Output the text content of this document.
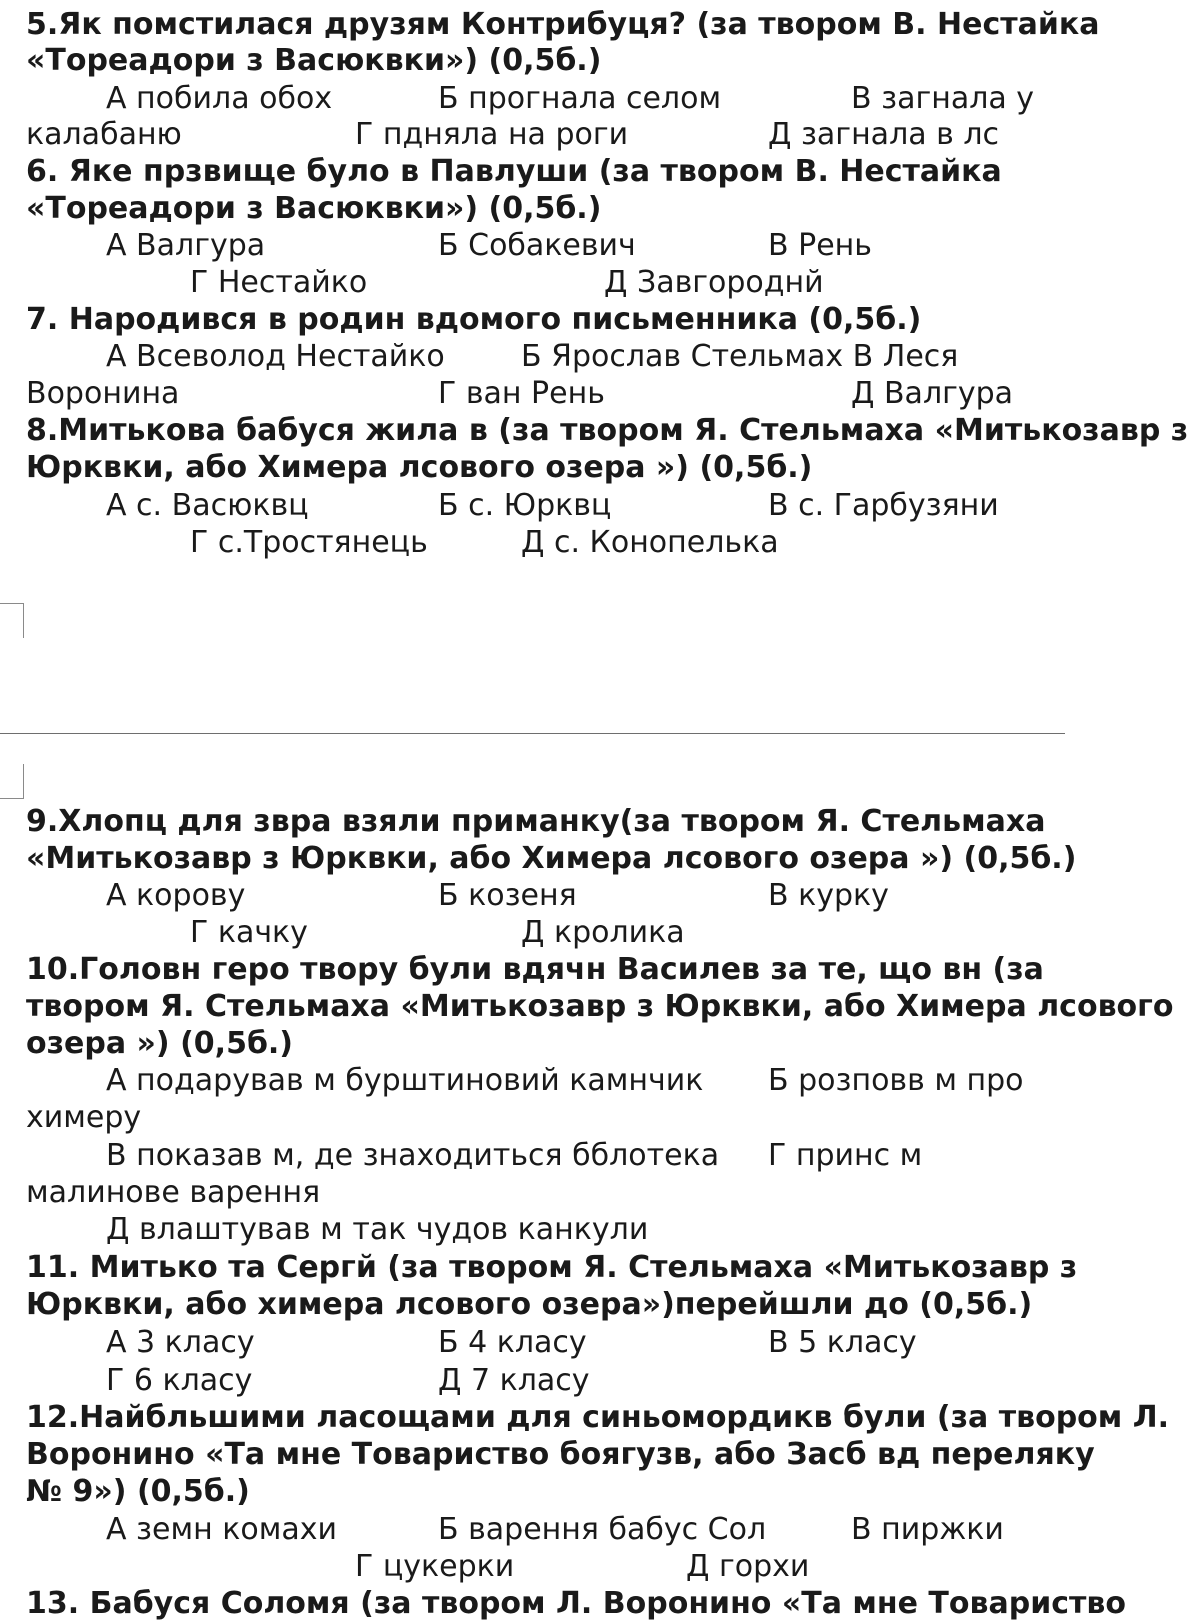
5.Як помстилася друзям Контрибуця? (за твором В. Нестайка
«Тореадори з Васюквки») (0,5б.)
А побила обох	Б прогнала селом	В загнала у
калабаню	Г пдняла на роги	Д загнала в лс
6. Яке прзвище було в Павлуши (за твором В. Нестайка
«Тореадори з Васюквки») (0,5б.)
А Валгура	Б Собакевич	В Рень
Г Нестайко	Д Завгороднй
7. Народився в родин вдомого письменника (0,5б.)
А Всеволод Нестайко	Б Ярослав Стельмах В Леся
Воронина	Г ван Рень	Д Валгура
8.Митькова бабуся жила в (за твором Я. Стельмаха «Митькозавр з
Юрквки, або Химера лсового озера ») (0,5б.)
А с. Васюквц	Б с. Юрквц	В с. Гарбузяни
Г с.Тростянець	Д с. Конопелька
9.Хлопц для звра взяли приманку(за твором Я. Стельмаха
«Митькозавр з Юрквки, або Химера лсового озера ») (0,5б.)
А корову	Б козеня	В курку
Г качку	Д кролика
10.Головн геро твору були вдячн Василев за те, що вн (за
твором Я. Стельмаха «Митькозавр з Юрквки, або Химера лсового
озера ») (0,5б.)
А подарував м бурштиновий камнчик Б розповв м про
химеру
В показав м, де знаходиться бблотека Г принс м
малинове варення
Д влаштував м так чудов канкули
11. Митько та Сергй (за твором Я. Стельмаха «Митькозавр з
Юрквки, або химера лсового озера»)перейшли до (0,5б.)
А 3 класу	Б 4 класу	В 5 класу
Г 6 класу	Д 7 класу
12.Найбльшими ласощами для синьомордикв були (за твором Л.
Воронино «Та мне Товариство боягузв, або Засб вд переляку
№ 9») (0,5б.)
А земн комахи	Б варення бабус Сол	В пиржки
Г цукерки	Д горхи
13. Бабуся Соломя (за твором Л. Воронино «Та мне Товариство
